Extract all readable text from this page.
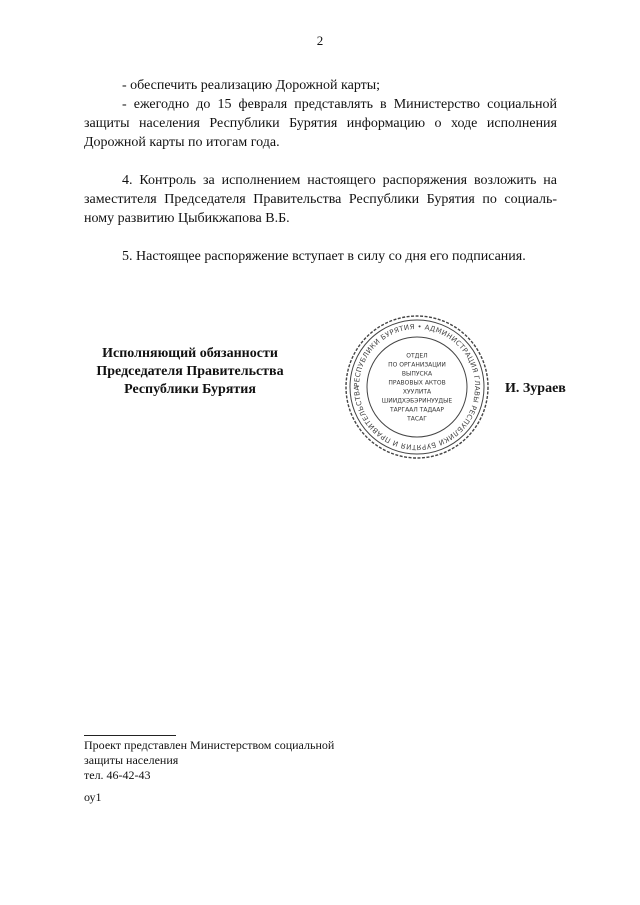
2

- обеспечить реализацию Дорожной карты;

- ежегодно до 15 февраля представлять в Министерство социальной защиты населения Республики Бурятия информацию о ходе исполнения Дорожной карты по итогам года.

4. Контроль за исполнением настоящего распоряжения возложить на заместителя Председателя Правительства Республики Бурятия по социаль-ному развитию Цыбикжапова В.Б.

5. Настоящее распоряжение вступает в силу со дня его подписания.

Исполняющий обязанности
Председателя Правительства
Республики Бурятия	РЕСПУБЛИКИ БУРЯТИЯ • АДМИНИСТРАЦИЯ ГЛАВЫ РЕСПУБЛИКИ БУРЯТИЯ И ПРАВИТЕЛЬСТВА
ОТДЕЛ
ПО ОРГАНИЗАЦИИ
ВЫПУСКА
ПРАВОВЫХ АКТОВ
ХУУЛИТА
ШИИДХЭБЭРИНУУДЫЕ
ТАРГААЛ ТАДААР
ТАСАГ
И. Зураев
Проект представлен Министерством социальной
защиты населения
тел. 46-42-43
оу1
